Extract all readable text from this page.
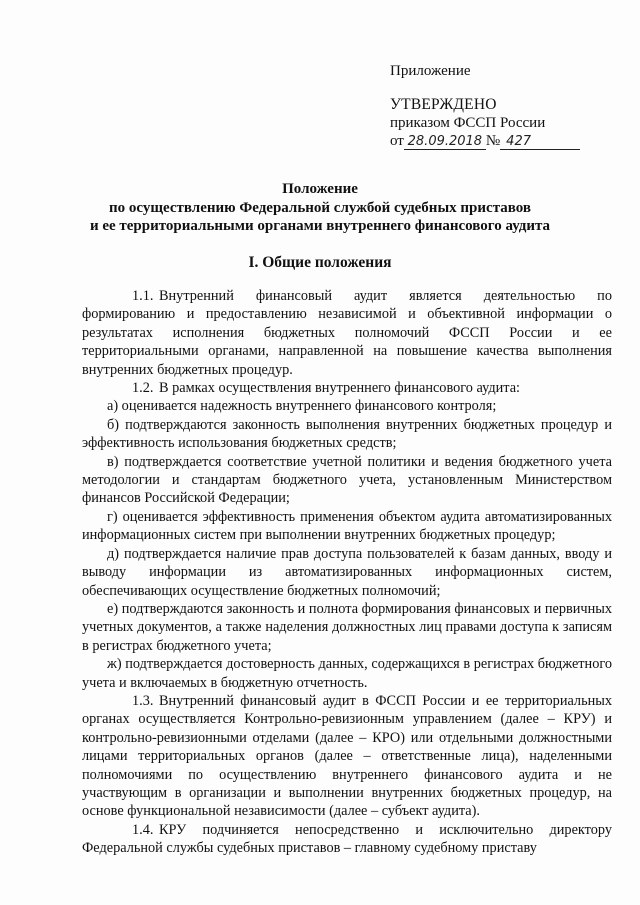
Приложение
УТВЕРЖДЕНО
приказом ФССП России
от 28.09.2018 № 427
Положение
по осуществлению Федеральной службой судебных приставов
и ее территориальными органами внутреннего финансового аудита
I. Общие положения

1.1. Внутренний финансовый аудит является деятельностью по формированию и предоставлению независимой и объективной информации о результатах исполнения бюджетных полномочий ФССП России и ее территориальными органами, направленной на повышение качества выполнения внутренних бюджетных процедур.

1.2. В рамках осуществления внутреннего финансового аудита:

а) оценивается надежность внутреннего финансового контроля;

б) подтверждаются законность выполнения внутренних бюджетных процедур и эффективность использования бюджетных средств;

в) подтверждается соответствие учетной политики и ведения бюджетного учета методологии и стандартам бюджетного учета, установленным Министерством финансов Российской Федерации;

г) оценивается эффективность применения объектом аудита автоматизированных информационных систем при выполнении внутренних бюджетных процедур;

д) подтверждается наличие прав доступа пользователей к базам данных, вводу и выводу информации из автоматизированных информационных систем, обеспечивающих осуществление бюджетных полномочий;

е) подтверждаются законность и полнота формирования финансовых и первичных учетных документов, а также наделения должностных лиц правами доступа к записям в регистрах бюджетного учета;

ж) подтверждается достоверность данных, содержащихся в регистрах бюджетного учета и включаемых в бюджетную отчетность.

1.3. Внутренний финансовый аудит в ФССП России и ее территориальных органах осуществляется Контрольно-ревизионным управлением (далее – КРУ) и контрольно-ревизионными отделами (далее – КРО) или отдельными должностными лицами территориальных органов (далее – ответственные лица), наделенными полномочиями по осуществлению внутреннего финансового аудита и не участвующим в организации и выполнении внутренних бюджетных процедур, на основе функциональной независимости (далее – субъект аудита).

1.4. КРУ подчиняется непосредственно и исключительно директору Федеральной службы судебных приставов – главному судебному приставу
